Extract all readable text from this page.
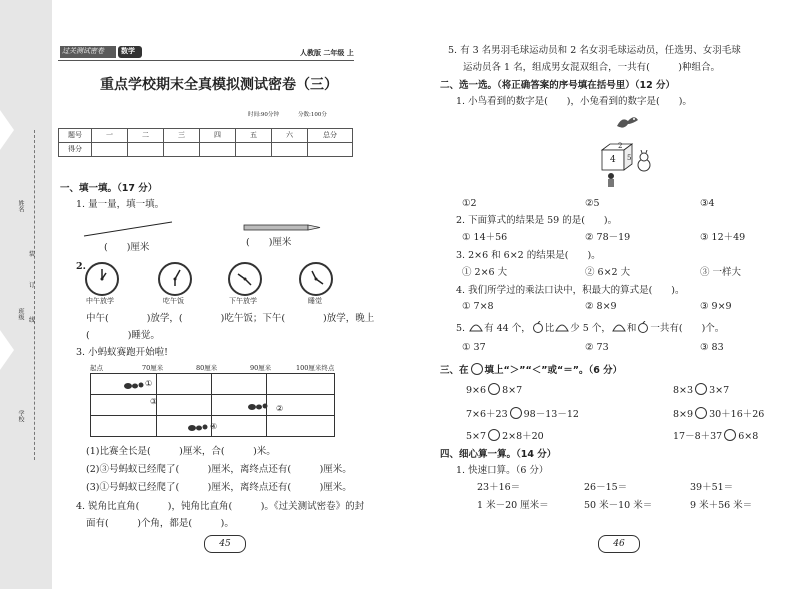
姓名
装
订
班级
线
学校
过关测试密卷 数学	人教版 二年级 上
重点学校期末全真模拟测试密卷（三）
时间:90分钟	分数:100分
题号	一	二	三	四	五	六	总分
得分
一、填一填。（17 分）
1. 量一量，填一填。
(　　)厘米	(　　)厘米
2.
中午放学	吃午饭	下午放学	睡觉
中午(　　　　)放学，(　　　　)吃午饭；下午(　　　　)放学，晚上
(　　　　)睡觉。
3. 小蚂蚁赛跑开始啦!
起点	70厘米	80厘米	90厘米	100厘米终点
①
③
②
④
(1)比赛全长是(　　　)厘米，合(　　　)米。
(2)③号蚂蚁已经爬了(　　　)厘米，离终点还有(　　　)厘米。
(3)①号蚂蚁已经爬了(　　　)厘米，离终点还有(　　　)厘米。
4. 锐角比直角(　　　)，钝角比直角(　　　)。《过关测试密卷》的封
面有(　　　)个角，都是(　　　)。
45
5. 有 3 名男羽毛球运动员和 2 名女羽毛球运动员，任选男、女羽毛球
运动员各 1 名，组成男女混双组合，一共有(　　　)种组合。
二、选一选。（将正确答案的序号填在括号里）（12 分）
1. 小鸟看到的数字是(　　)，小兔看到的数字是(　　)。
2
4 5
①2	②5	③4
2. 下面算式的结果是 59 的是(　　)。
① 14＋56	② 78－19	③ 12＋49
3. 2×6 和 6×2 的结果是(　　)。
① 2×6 大	② 6×2 大	③ 一样大
4. 我们所学过的乘法口诀中，积最大的算式是(　　)。
① 7×8	② 8×9	③ 9×9
5. 有 44 个， 比 少 5 个， 和 一共有(　　)个。
① 37	② 73	③ 83
三、在 填上“＞”“＜”或“＝”。（6 分）
9×6 8×7	8×3 3×7
7×6＋23 98－13－12	8×9 30＋16＋26
5×7 2×8＋20	17－8＋37 6×8
四、细心算一算。（14 分）
1. 快速口算。（6 分）
23＋16＝	26－15＝	39＋51＝
1 米－20 厘米＝	50 米－10 米＝	9 米＋56 米＝
46
